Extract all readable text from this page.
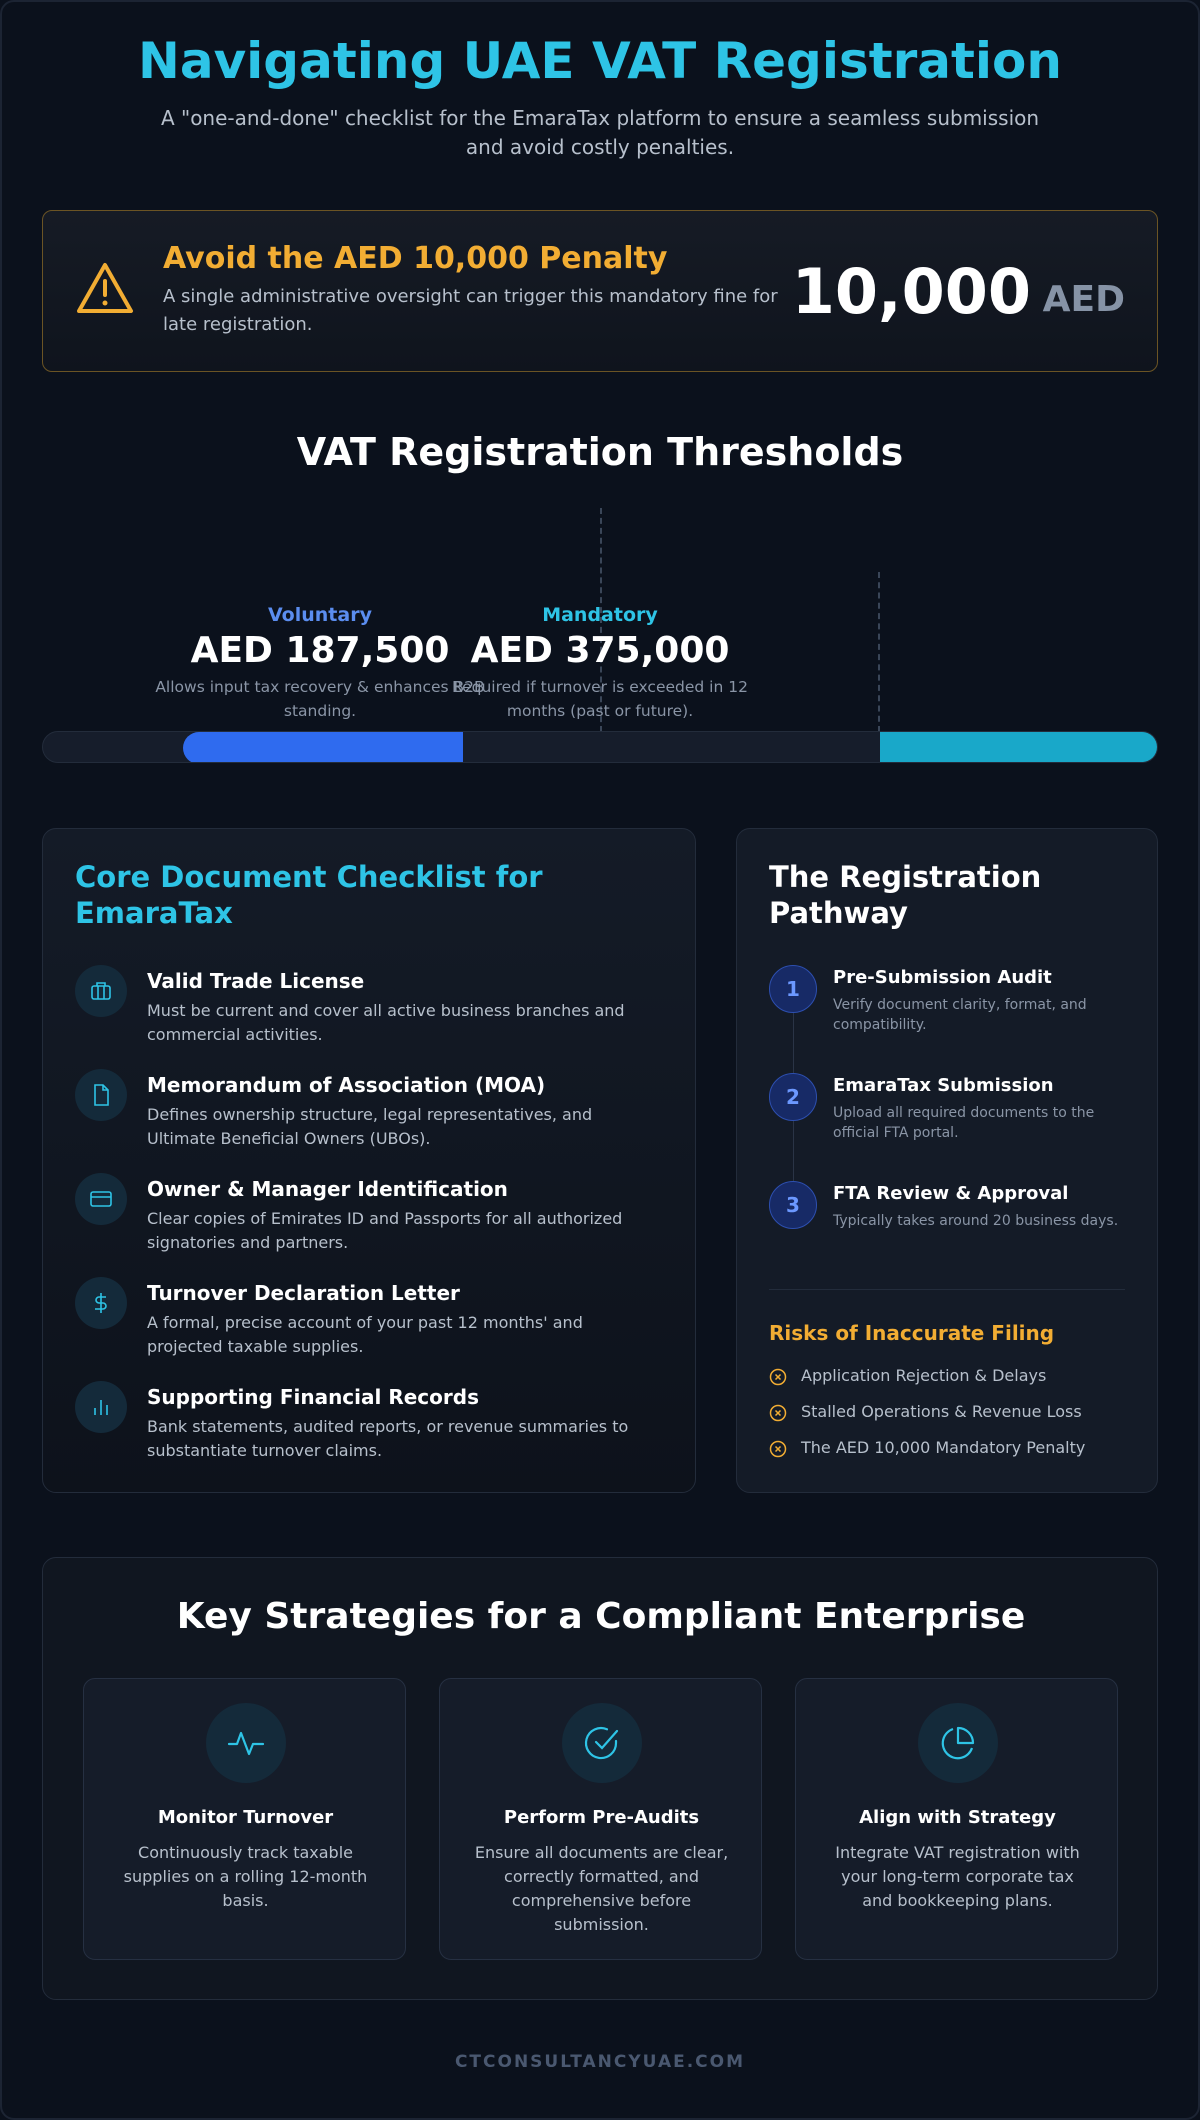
Navigating UAE VAT Registration

A "one-and-done" checklist for the EmaraTax platform to ensure a seamless submission and avoid costly penalties.

Avoid the AED 10,000 Penalty
A single administrative oversight can trigger this mandatory fine for late registration.	10,000 AED
VAT Registration Thresholds
Voluntary
AED 187,500
Allows input tax recovery & enhances B2B standing.
Mandatory
AED 375,000
Required if turnover is exceeded in 12 months (past or future).
Core Document Checklist for EmaraTax
Valid Trade License
Must be current and cover all active business branches and commercial activities.
Memorandum of Association (MOA)
Defines ownership structure, legal representatives, and Ultimate Beneficial Owners (UBOs).
Owner & Manager Identification
Clear copies of Emirates ID and Passports for all authorized signatories and partners.
Turnover Declaration Letter
A formal, precise account of your past 12 months' and projected taxable supplies.
Supporting Financial Records
Bank statements, audited reports, or revenue summaries to substantiate turnover claims.
The Registration Pathway
1	Pre-Submission Audit
Verify document clarity, format, and compatibility.
2	EmaraTax Submission
Upload all required documents to the official FTA portal.
3	FTA Review & Approval
Typically takes around 20 business days.
Risks of Inaccurate Filing
Application Rejection & Delays
Stalled Operations & Revenue Loss
The AED 10,000 Mandatory Penalty
Key Strategies for a Compliant Enterprise
Monitor Turnover
Continuously track taxable supplies on a rolling 12-month basis.
Perform Pre-Audits
Ensure all documents are clear, correctly formatted, and comprehensive before submission.
Align with Strategy
Integrate VAT registration with your long-term corporate tax and bookkeeping plans.
CTCONSULTANCYUAE.COM
